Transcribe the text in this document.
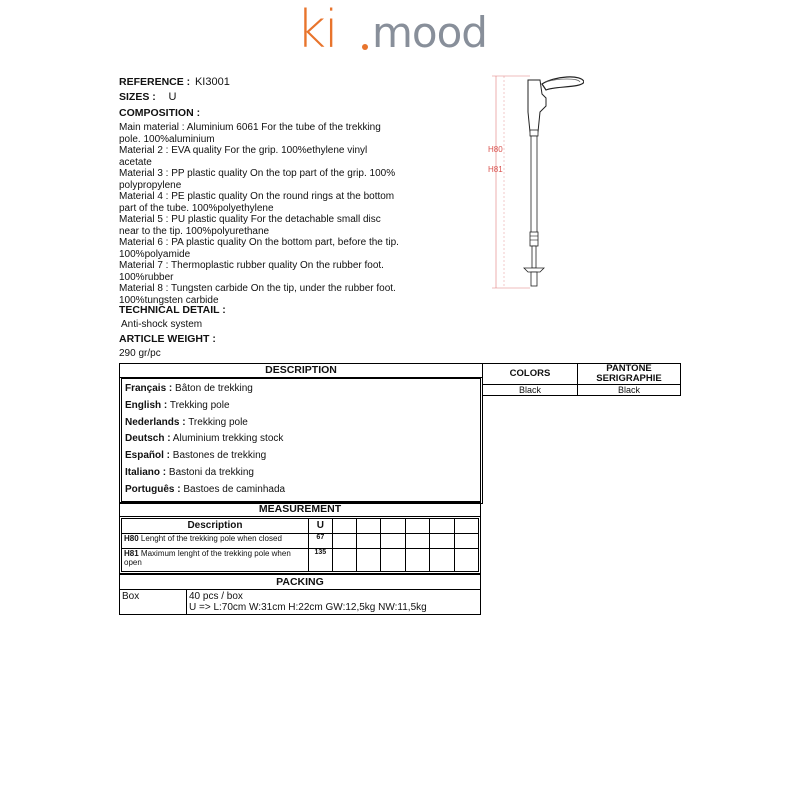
ki mood
REFERENCE : KI3001
SIZES : U
COMPOSITION :
Main material : Aluminium 6061 For the tube of the trekking
pole. 100%aluminium
Material 2 : EVA quality For the grip. 100%ethylene vinyl
acetate
Material 3 : PP plastic quality On the top part of the grip. 100%
polypropylene
Material 4 : PE plastic quality On the round rings at the bottom
part of the tube. 100%polyethylene
Material 5 : PU plastic quality For the detachable small disc
near to the tip. 100%polyurethane
Material 6 : PA plastic quality On the bottom part, before the tip.
100%polyamide
Material 7 : Thermoplastic rubber quality On the rubber foot.
100%rubber
Material 8 : Tungsten carbide On the tip, under the rubber foot.
100%tungsten carbide
TECHNICAL DETAIL :
Anti-shock system
ARTICLE WEIGHT :
290 gr/pc
H80
H81
DESCRIPTION
Français : Bâton de trekking
English : Trekking pole
Nederlands : Trekking pole
Deutsch : Aluminium trekking stock
Español : Bastones de trekking
Italiano : Bastoni da trekking
Português : Bastoes de caminhada
COLORS	PANTONE SERIGRAPHIE
Black	Black
MEASUREMENT
Description	U						
H80 Lenght of the trekking pole when closed	67						
H81 Maximum lenght of the trekking pole when open	135						
PACKING
Box	40 pcs / box
U => L:70cm W:31cm H:22cm GW:12,5kg NW:11,5kg
